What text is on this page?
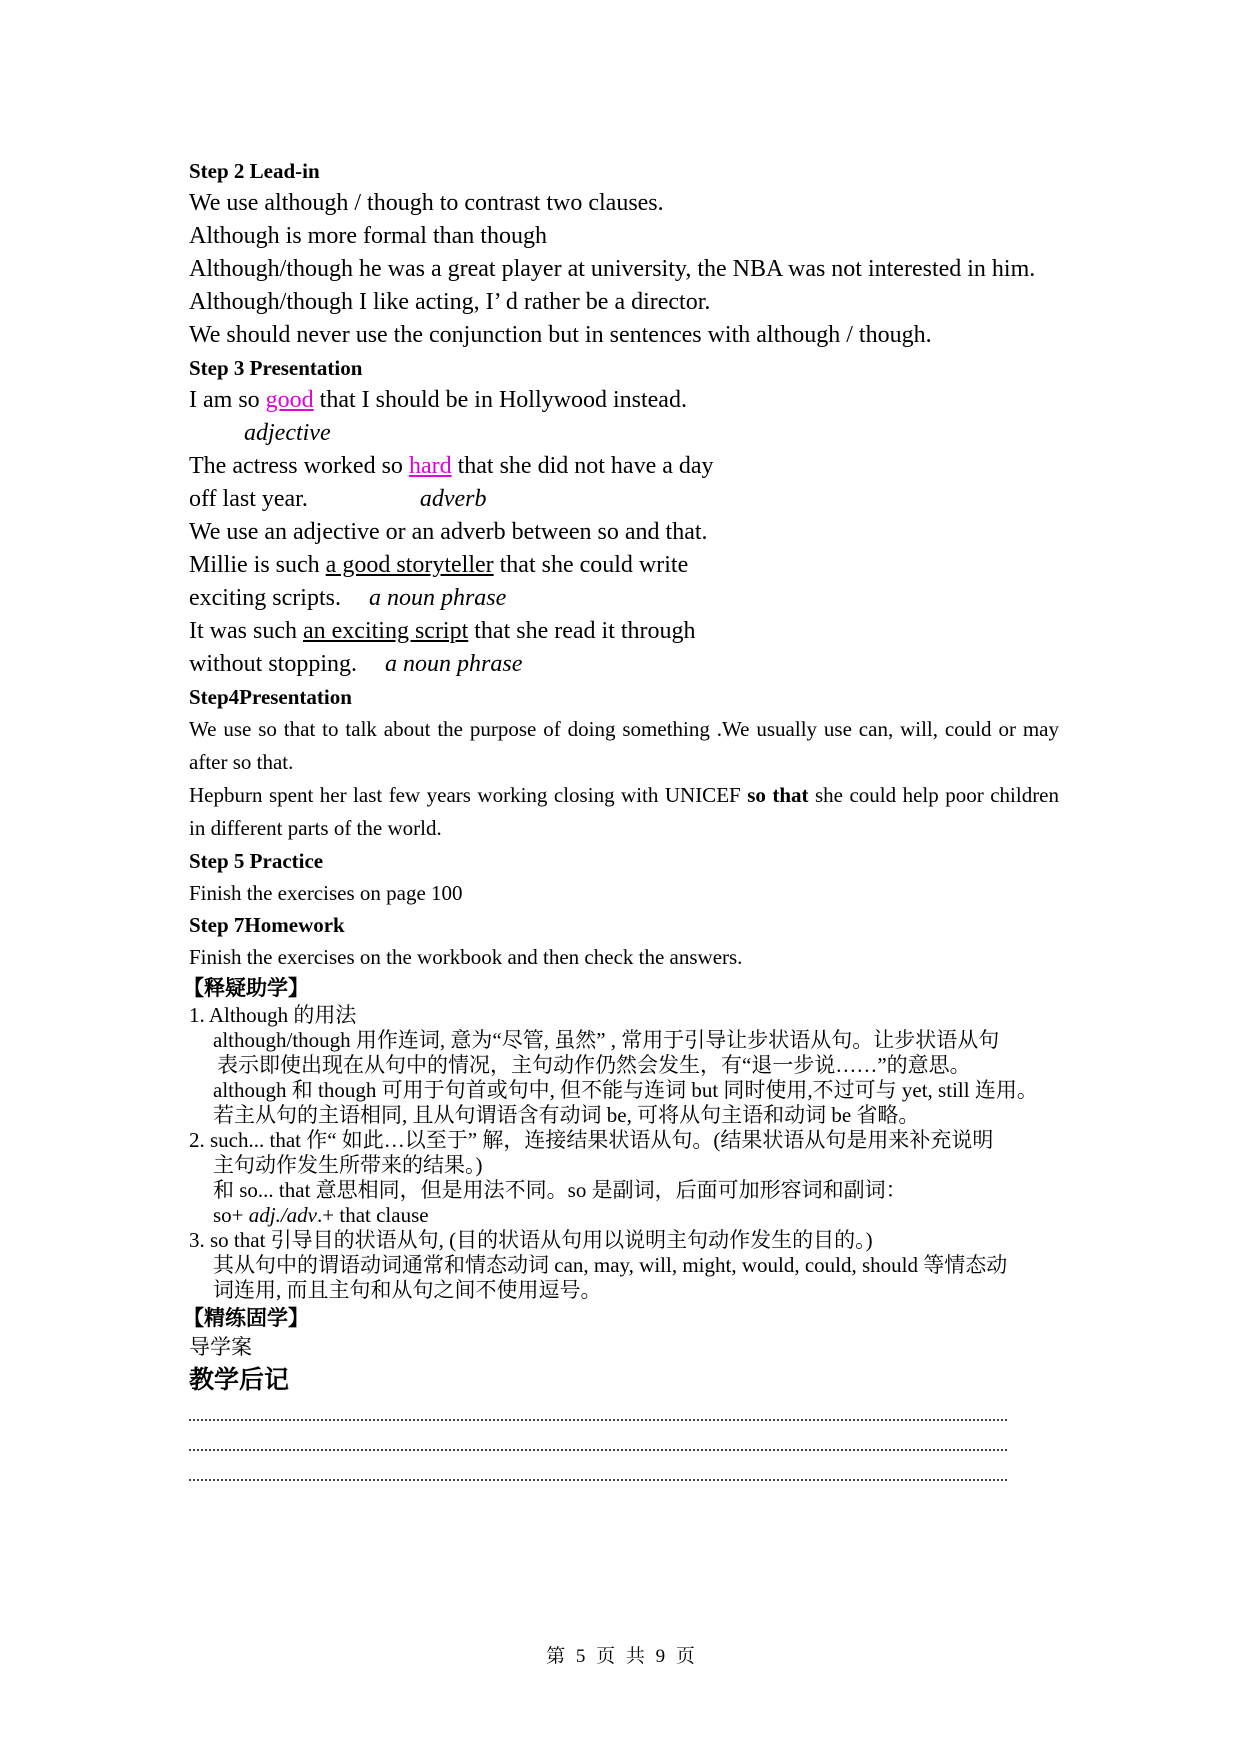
Step 2 Lead-in
We use although / though to contrast two clauses.
Although is more formal than though
Although/though he was a great player at university, the NBA was not interested in him.
Although/though I like acting, I’ d rather be a director.
We should never use the conjunction but in sentences with although / though.
Step 3 Presentation
I am so good that I should be in Hollywood instead.
adjective
The actress worked so hard that she did not have a day
off last year.	adverb
We use an adjective or an adverb between so and that.
Millie is such a good storyteller that she could write
exciting scripts. a noun phrase
It was such an exciting script that she read it through
without stopping. a noun phrase
Step4Presentation
We use so that to talk about the purpose of doing something .We usually use can, will, could or may after so that.
Hepburn spent her last few years working closing with UNICEF so that she could help poor children in different parts of the world.
Step 5 Practice
Finish the exercises on page 100
Step 7Homework
Finish the exercises on the workbook and then check the answers.
【释疑助学】
1. Although 的用法
although/though 用作连词, 意为“尽管, 虽然” , 常用于引导让步状语从句。让步状语从句
表示即使出现在从句中的情况，主句动作仍然会发生，有“退一步说……”的意思。
although 和 though 可用于句首或句中, 但不能与连词 but 同时使用,不过可与 yet, still 连用。
若主从句的主语相同, 且从句谓语含有动词 be, 可将从句主语和动词 be 省略。
2. such... that 作“ 如此…以至于” 解，连接结果状语从句。(结果状语从句是用来补充说明
主句动作发生所带来的结果。)
和 so... that 意思相同，但是用法不同。so 是副词，后面可加形容词和副词：
so+ adj./adv.+ that clause
3. so that 引导目的状语从句, (目的状语从句用以说明主句动作发生的目的。)
其从句中的谓语动词通常和情态动词 can, may, will, might, would, could, should 等情态动
词连用, 而且主句和从句之间不使用逗号。
【精练固学】
导学案
教学后记
第 5 页 共 9 页
